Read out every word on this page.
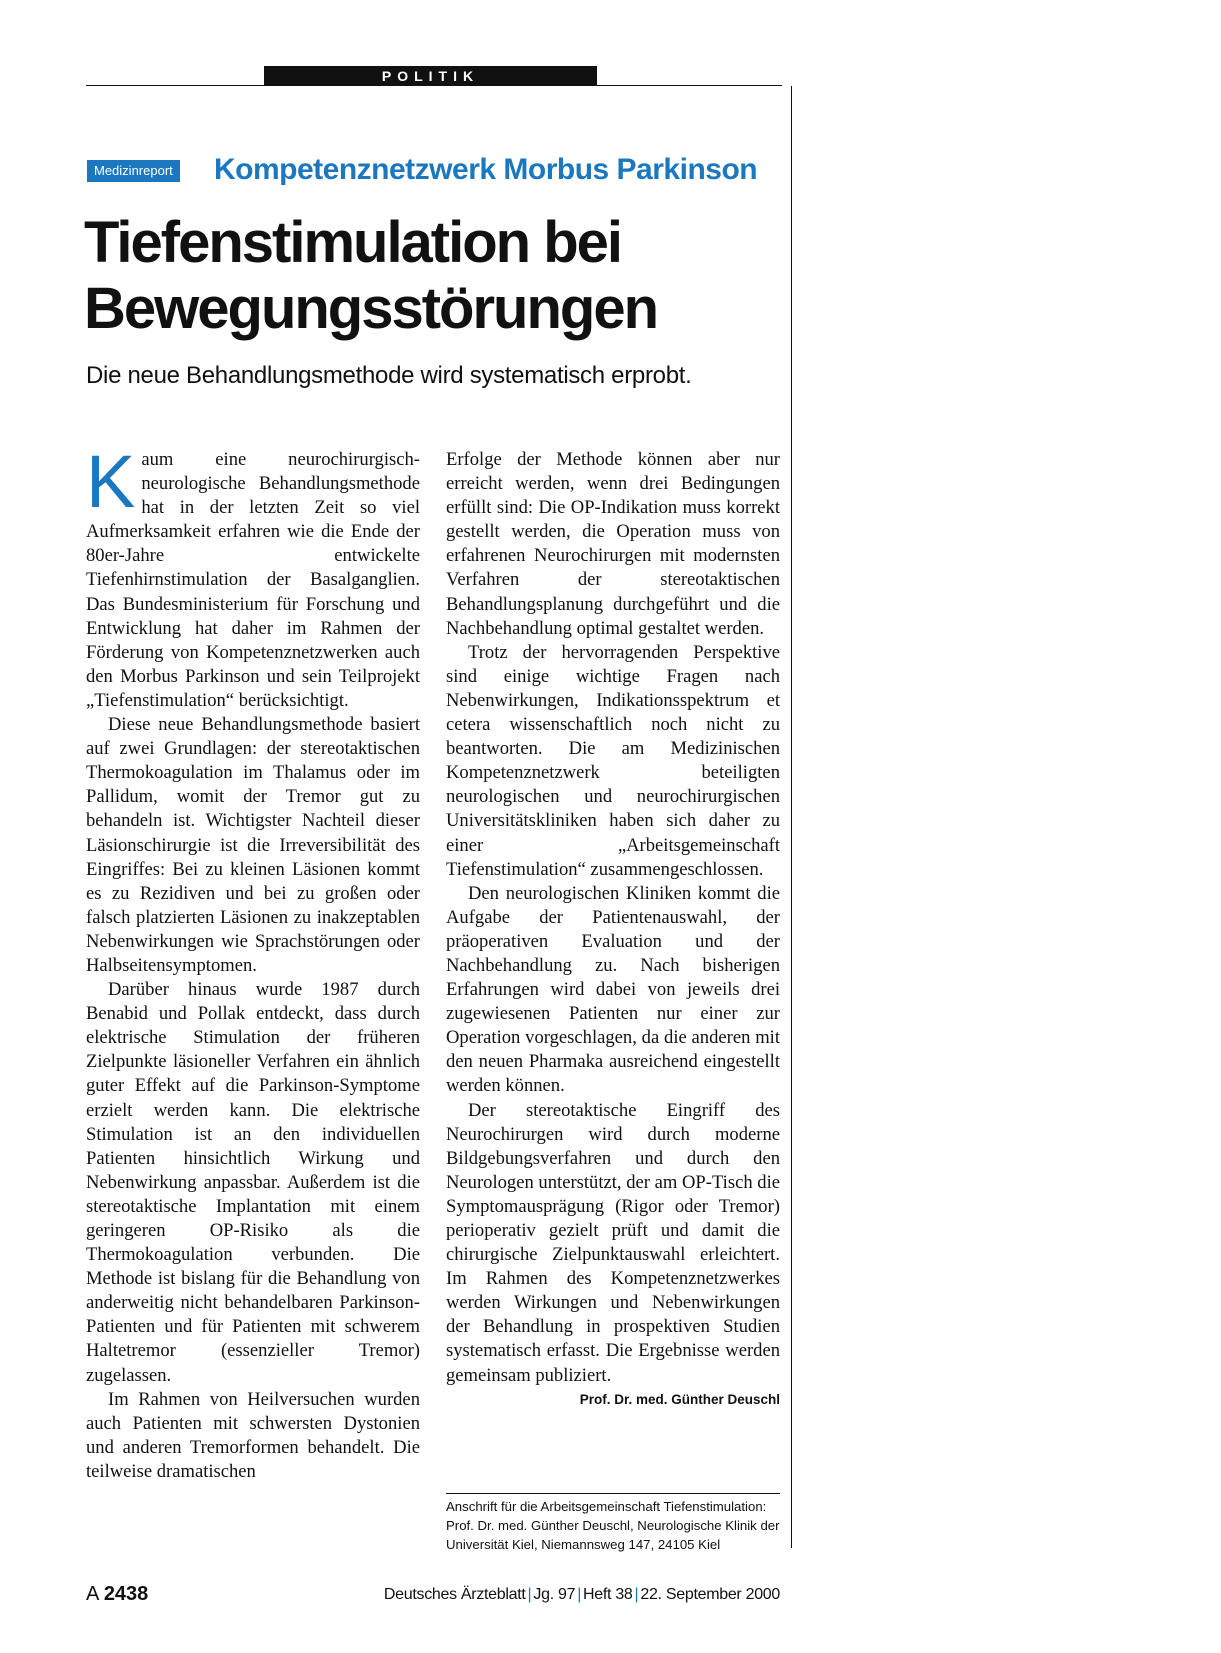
POLITIK
Medizinreport Kompetenznetzwerk Morbus Parkinson
Tiefenstimulation bei
Bewegungsstörungen
Die neue Behandlungsmethode wird systematisch erprobt.

Kaum eine neurochirurgisch-neurologische Behandlungsmethode hat in der letzten Zeit so viel Aufmerksamkeit erfahren wie die Ende der 80er-Jahre entwickelte Tiefenhirnstimulation der Basalganglien. Das Bundesministerium für Forschung und Entwicklung hat daher im Rahmen der Förderung von Kompetenznetzwerken auch den Morbus Parkinson und sein Teilprojekt „Tiefenstimulation“ berücksichtigt.

Diese neue Behandlungsmethode basiert auf zwei Grundlagen: der stereotaktischen Thermokoagulation im Thalamus oder im Pallidum, womit der Tremor gut zu behandeln ist. Wichtigster Nachteil dieser Läsionschirurgie ist die Irreversibilität des Eingriffes: Bei zu kleinen Läsionen kommt es zu Rezidiven und bei zu großen oder falsch platzierten Läsionen zu inakzeptablen Nebenwirkungen wie Sprachstörungen oder Halbseitensymptomen.

Darüber hinaus wurde 1987 durch Benabid und Pollak entdeckt, dass durch elektrische Stimulation der früheren Zielpunkte läsioneller Verfahren ein ähnlich guter Effekt auf die Parkinson-Symptome erzielt werden kann. Die elektrische Stimulation ist an den individuellen Patienten hinsichtlich Wirkung und Nebenwirkung anpassbar. Außerdem ist die stereotaktische Implantation mit einem geringeren OP-Risiko als die Thermokoagulation verbunden. Die Methode ist bislang für die Behandlung von anderweitig nicht behandelbaren Parkinson-Patienten und für Patienten mit schwerem Haltetremor (essenzieller Tremor) zugelassen.

Im Rahmen von Heilversuchen wurden auch Patienten mit schwersten Dystonien und anderen Tremorformen behandelt. Die teilweise dramatischen

Erfolge der Methode können aber nur erreicht werden, wenn drei Bedingungen erfüllt sind: Die OP-Indikation muss korrekt gestellt werden, die Operation muss von erfahrenen Neurochirurgen mit modernsten Verfahren der stereotaktischen Behandlungsplanung durchgeführt und die Nachbehandlung optimal gestaltet werden.

Trotz der hervorragenden Perspektive sind einige wichtige Fragen nach Nebenwirkungen, Indikationsspektrum et cetera wissenschaftlich noch nicht zu beantworten. Die am Medizinischen Kompetenznetzwerk beteiligten neurologischen und neurochirurgischen Universitätskliniken haben sich daher zu einer „Arbeitsgemeinschaft Tiefenstimulation“ zusammengeschlossen.

Den neurologischen Kliniken kommt die Aufgabe der Patientenauswahl, der präoperativen Evaluation und der Nachbehandlung zu. Nach bisherigen Erfahrungen wird dabei von jeweils drei zugewiesenen Patienten nur einer zur Operation vorgeschlagen, da die anderen mit den neuen Pharmaka ausreichend eingestellt werden können.

Der stereotaktische Eingriff des Neurochirurgen wird durch moderne Bildgebungsverfahren und durch den Neurologen unterstützt, der am OP-Tisch die Symptomausprägung (Rigor oder Tremor) perioperativ gezielt prüft und damit die chirurgische Zielpunktauswahl erleichtert. Im Rahmen des Kompetenznetzwerkes werden Wirkungen und Nebenwirkungen der Behandlung in prospektiven Studien systematisch erfasst. Die Ergebnisse werden gemeinsam publiziert.
Prof. Dr. med. Günther Deuschl

Anschrift für die Arbeitsgemeinschaft Tiefenstimulation:
Prof. Dr. med. Günther Deuschl, Neurologische Klinik der
Universität Kiel, Niemannsweg 147, 24105 Kiel
A 2438	Deutsches Ärzteblatt | Jg. 97 | Heft 38 | 22. September 2000
